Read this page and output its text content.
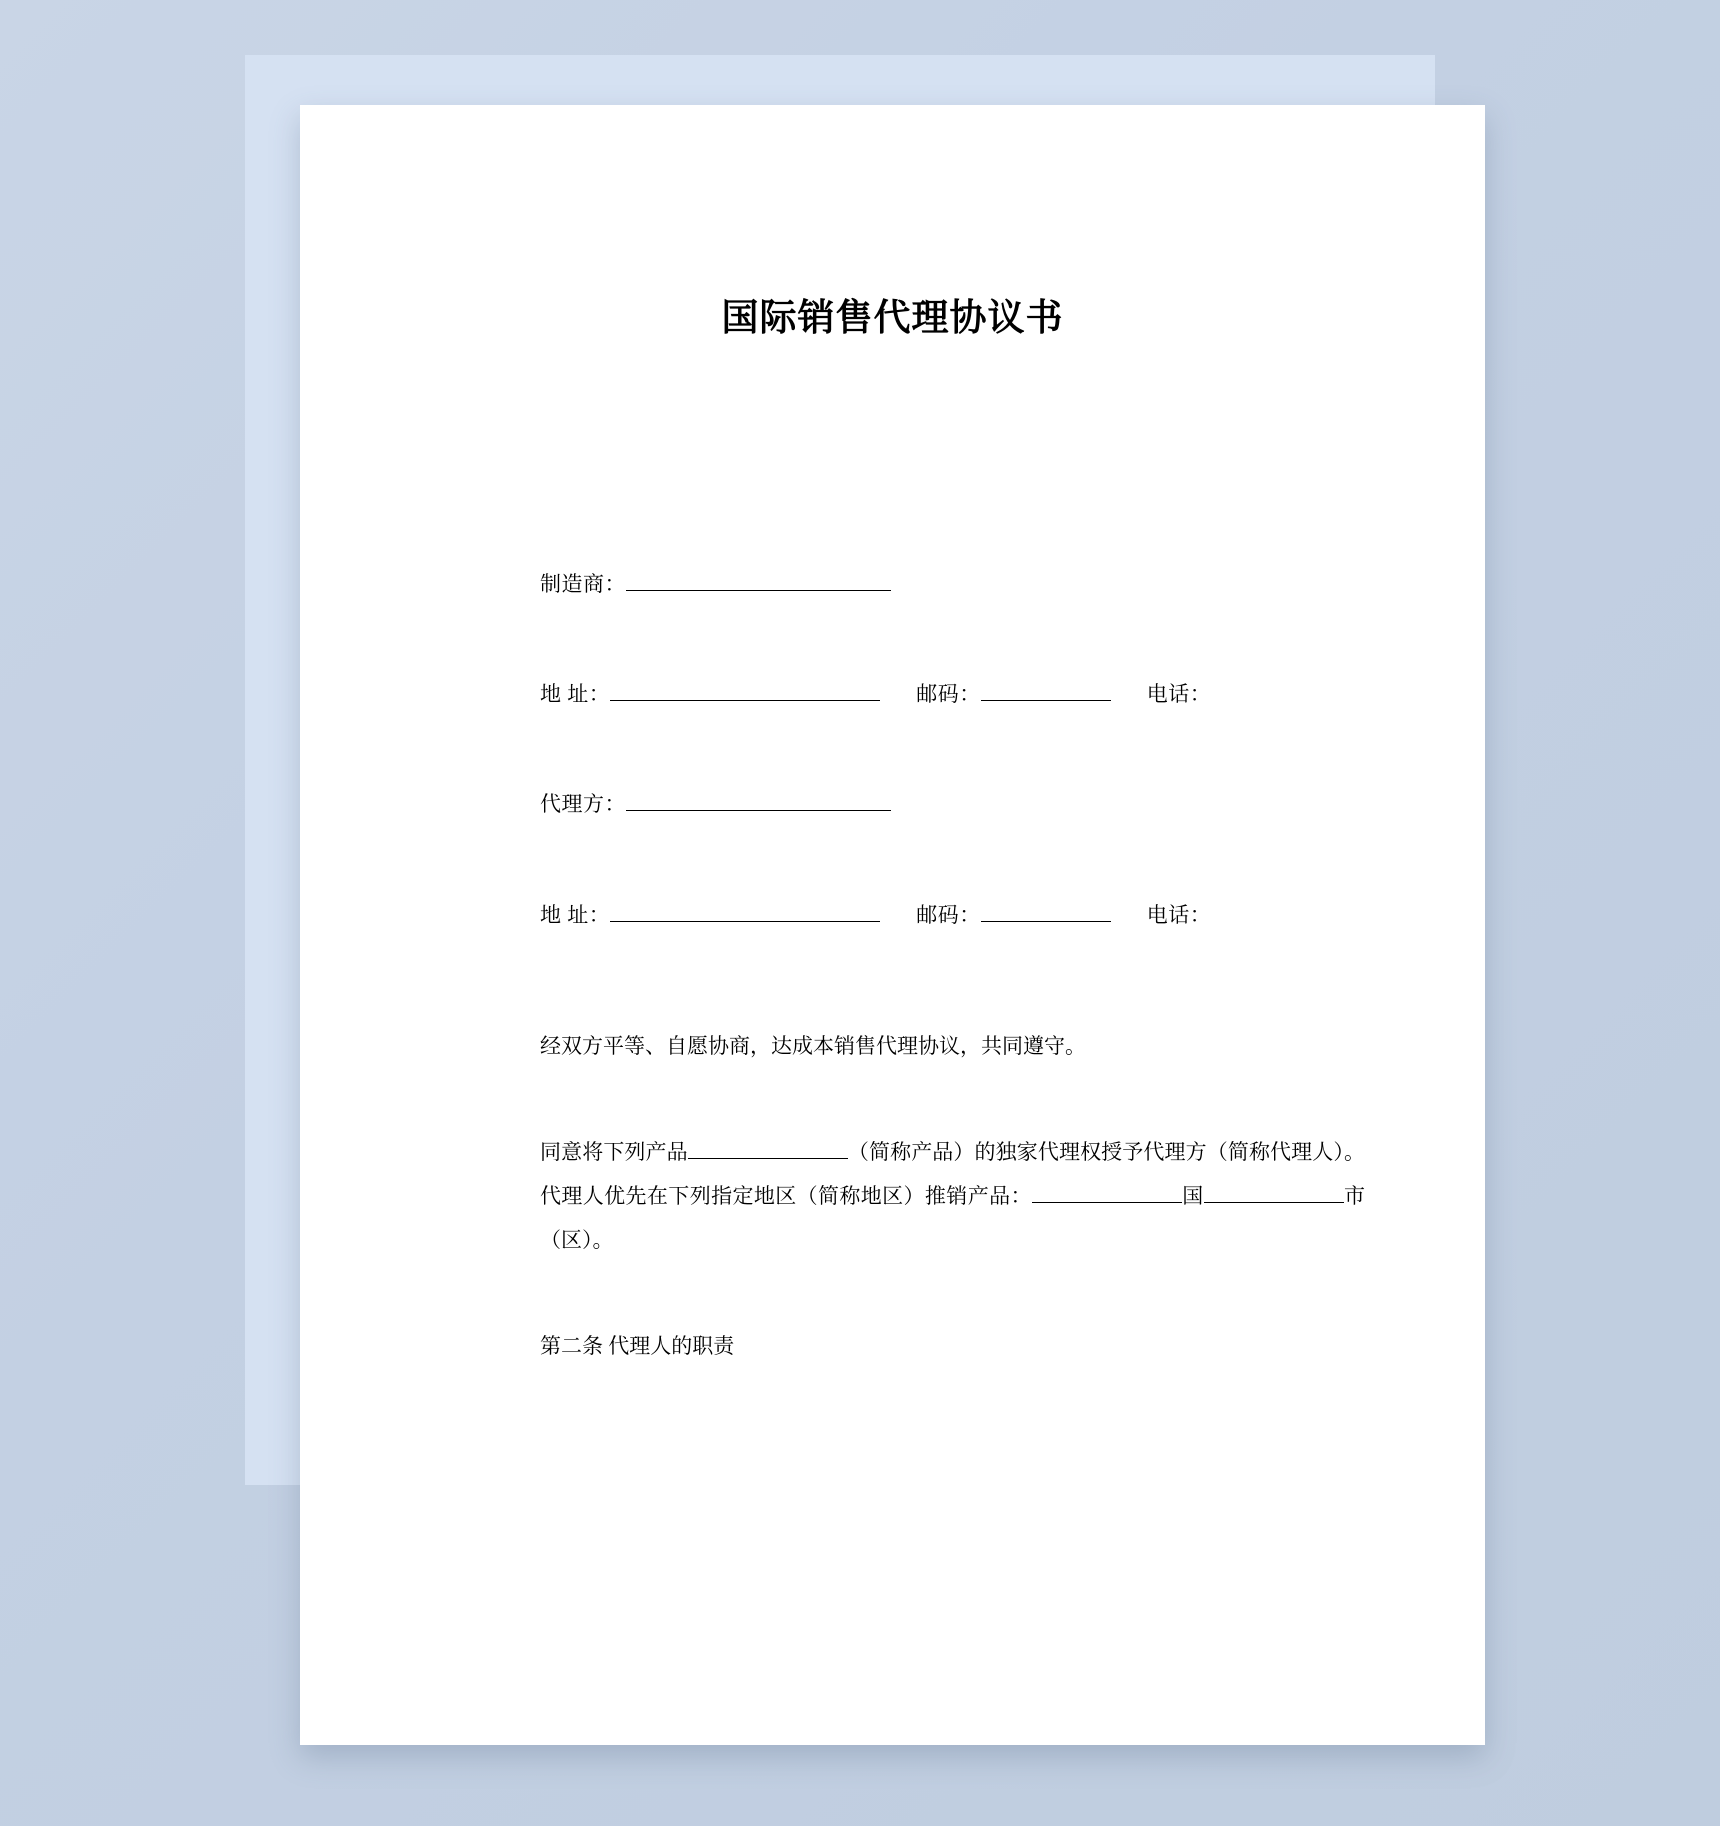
国际销售代理协议书
制造商：
地 址：	邮码：	电话：
代理方：
地 址：	邮码：	电话：
经双方平等、自愿协商，达成本销售代理协议，共同遵守。
同意将下列产品	（简称产品）的独家代理权授予代理方（简称代理人）。代理人优先在下列指定地区（简称地区）推销产品：	国	市（区）。
第二条 代理人的职责
